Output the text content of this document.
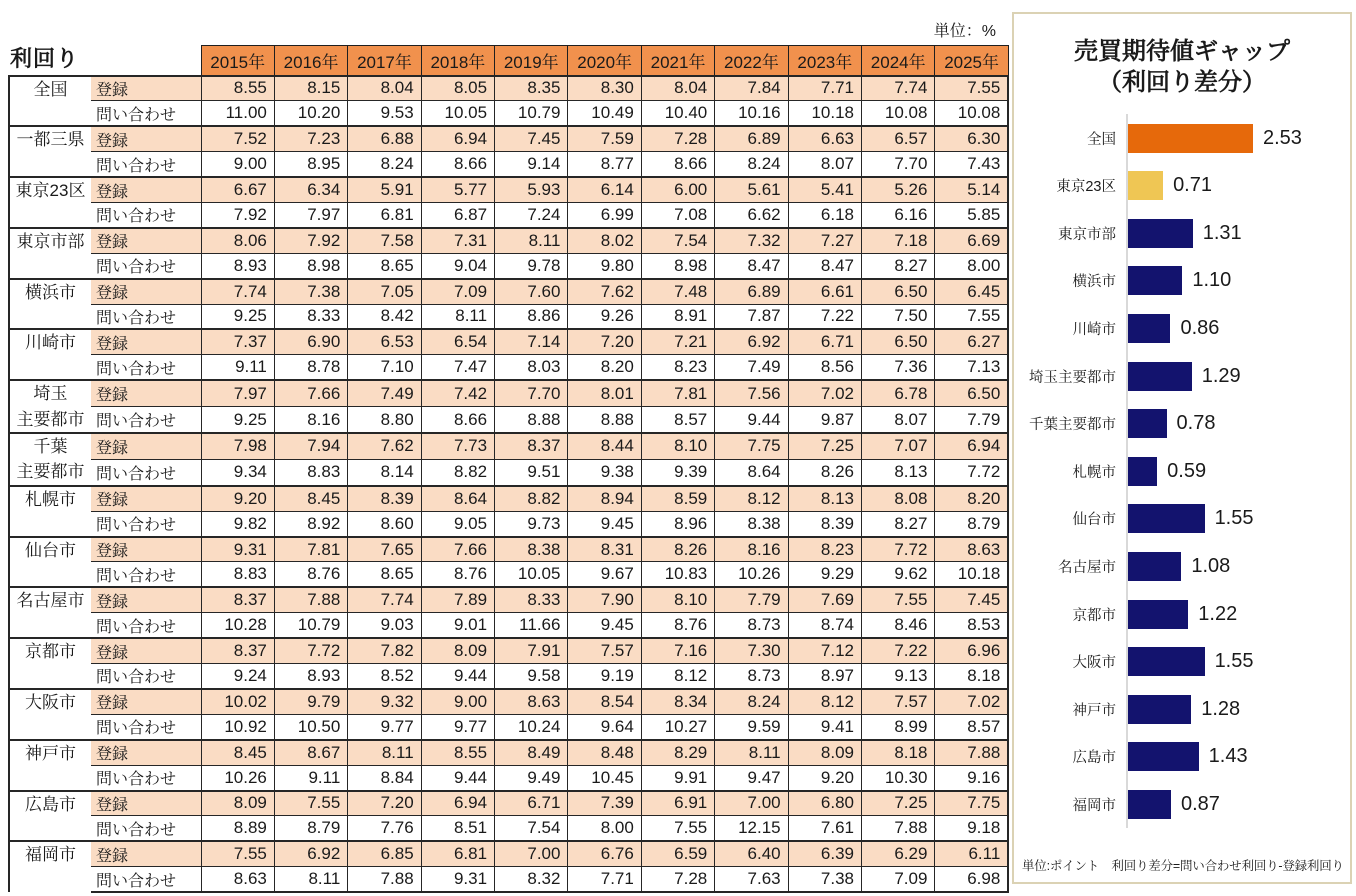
利回り
単位：%
		2015年	2016年	2017年	2018年	2019年	2020年	2021年	2022年	2023年	2024年	2025年

全国	登録	8.55	8.15	8.04	8.05	8.35	8.30	8.04	7.84	7.71	7.74	7.55
	問い合わせ	11.00	10.20	9.53	10.05	10.79	10.49	10.40	10.16	10.18	10.08	10.08

一都三県	登録	7.52	7.23	6.88	6.94	7.45	7.59	7.28	6.89	6.63	6.57	6.30
	問い合わせ	9.00	8.95	8.24	8.66	9.14	8.77	8.66	8.24	8.07	7.70	7.43

東京23区	登録	6.67	6.34	5.91	5.77	5.93	6.14	6.00	5.61	5.41	5.26	5.14
	問い合わせ	7.92	7.97	6.81	6.87	7.24	6.99	7.08	6.62	6.18	6.16	5.85

東京市部	登録	8.06	7.92	7.58	7.31	8.11	8.02	7.54	7.32	7.27	7.18	6.69
	問い合わせ	8.93	8.98	8.65	9.04	9.78	9.80	8.98	8.47	8.47	8.27	8.00

横浜市	登録	7.74	7.38	7.05	7.09	7.60	7.62	7.48	6.89	6.61	6.50	6.45
	問い合わせ	9.25	8.33	8.42	8.11	8.86	9.26	8.91	7.87	7.22	7.50	7.55

川崎市	登録	7.37	6.90	6.53	6.54	7.14	7.20	7.21	6.92	6.71	6.50	6.27
	問い合わせ	9.11	8.78	7.10	7.47	8.03	8.20	8.23	7.49	8.56	7.36	7.13

埼玉
主要都市	登録	7.97	7.66	7.49	7.42	7.70	8.01	7.81	7.56	7.02	6.78	6.50
	問い合わせ	9.25	8.16	8.80	8.66	8.88	8.88	8.57	9.44	9.87	8.07	7.79

千葉
主要都市	登録	7.98	7.94	7.62	7.73	8.37	8.44	8.10	7.75	7.25	7.07	6.94
	問い合わせ	9.34	8.83	8.14	8.82	9.51	9.38	9.39	8.64	8.26	8.13	7.72

札幌市	登録	9.20	8.45	8.39	8.64	8.82	8.94	8.59	8.12	8.13	8.08	8.20
	問い合わせ	9.82	8.92	8.60	9.05	9.73	9.45	8.96	8.38	8.39	8.27	8.79

仙台市	登録	9.31	7.81	7.65	7.66	8.38	8.31	8.26	8.16	8.23	7.72	8.63
	問い合わせ	8.83	8.76	8.65	8.76	10.05	9.67	10.83	10.26	9.29	9.62	10.18

名古屋市	登録	8.37	7.88	7.74	7.89	8.33	7.90	8.10	7.79	7.69	7.55	7.45
	問い合わせ	10.28	10.79	9.03	9.01	11.66	9.45	8.76	8.73	8.74	8.46	8.53

京都市	登録	8.37	7.72	7.82	8.09	7.91	7.57	7.16	7.30	7.12	7.22	6.96
	問い合わせ	9.24	8.93	8.52	9.44	9.58	9.19	8.12	8.73	8.97	9.13	8.18

大阪市	登録	10.02	9.79	9.32	9.00	8.63	8.54	8.34	8.24	8.12	7.57	7.02
	問い合わせ	10.92	10.50	9.77	9.77	10.24	9.64	10.27	9.59	9.41	8.99	8.57

神戸市	登録	8.45	8.67	8.11	8.55	8.49	8.48	8.29	8.11	8.09	8.18	7.88
	問い合わせ	10.26	9.11	8.84	9.44	9.49	10.45	9.91	9.47	9.20	10.30	9.16

広島市	登録	8.09	7.55	7.20	6.94	6.71	7.39	6.91	7.00	6.80	7.25	7.75
	問い合わせ	8.89	8.79	7.76	8.51	7.54	8.00	7.55	12.15	7.61	7.88	9.18

福岡市	登録	7.55	6.92	6.85	6.81	7.00	6.76	6.59	6.40	6.39	6.29	6.11
	問い合わせ	8.63	8.11	7.88	9.31	8.32	7.71	7.28	7.63	7.38	7.09	6.98
売買期待値ギャップ
（利回り差分）
全国	2.53
東京23区	0.71
東京市部	1.31
横浜市	1.10
川崎市	0.86
埼玉主要都市	1.29
千葉主要都市	0.78
札幌市	0.59
仙台市	1.55
名古屋市	1.08
京都市	1.22
大阪市	1.55
神戸市	1.28
広島市	1.43
福岡市	0.87
単位:ポイント　利回り差分=問い合わせ利回り-登録利回り
